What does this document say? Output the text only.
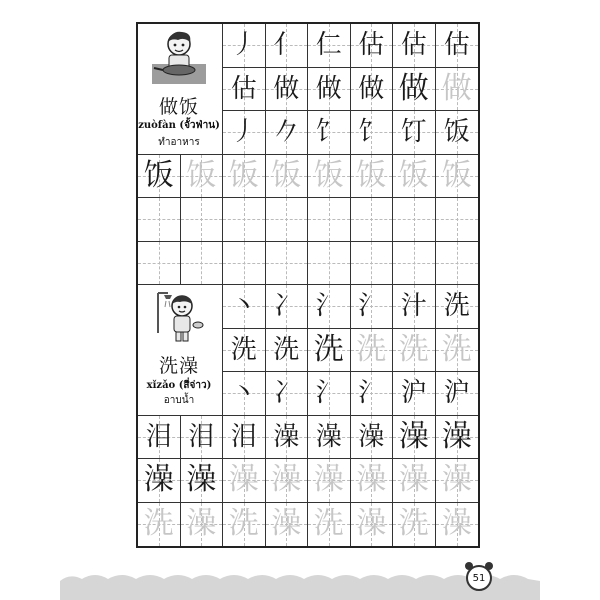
丿 亻 仁 估 估 估
估 做 做 做 做 做
丿 𠂊 饣 饣 饤 饭
饭 饭 饭 饭 饭 饭 饭 饭
丶 冫 氵 氵 汁 洗
洗 洗 洗 洗 洗 洗
丶 冫 氵 氵 沪 沪
泪 泪 泪 澡 澡 澡 澡 澡
澡 澡 澡 澡 澡 澡 澡 澡
洗 澡 洗 澡 洗 澡 洗 澡
做饭
zuòfàn (จั้วฟ่าน)
ทำอาหาร
洗澡
xǐzǎo (สี่จ่าว)
อาบน้ำ
51
